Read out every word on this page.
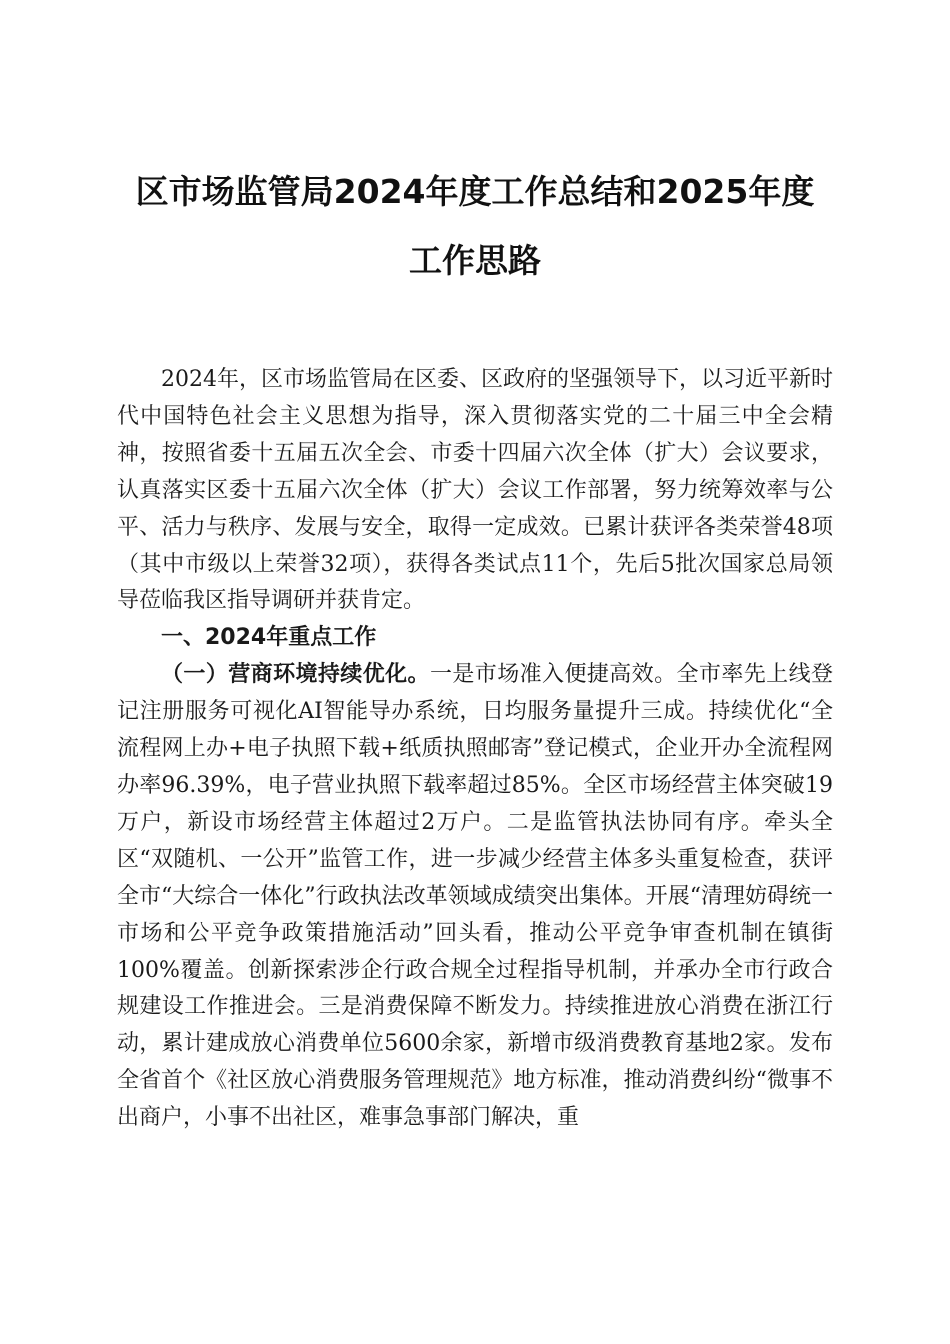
区市场监管局2024年度工作总结和2025年度
工作思路

2024年，区市场监管局在区委、区政府的坚强领导下，以习近平新时代中国特色社会主义思想为指导，深入贯彻落实党的二十届三中全会精神，按照省委十五届五次全会、市委十四届六次全体（扩大）会议要求，认真落实区委十五届六次全体（扩大）会议工作部署，努力统筹效率与公平、活力与秩序、发展与安全，取得一定成效。已累计获评各类荣誉48项（其中市级以上荣誉32项），获得各类试点11个，先后5批次国家总局领导莅临我区指导调研并获肯定。

一、2024年重点工作

（一）营商环境持续优化。一是市场准入便捷高效。全市率先上线登记注册服务可视化AI智能导办系统，日均服务量提升三成。持续优化“全流程网上办+电子执照下载+纸质执照邮寄”登记模式，企业开办全流程网办率96.39%，电子营业执照下载率超过85%。全区市场经营主体突破19万户，新设市场经营主体超过2万户。二是监管执法协同有序。牵头全区“双随机、一公开”监管工作，进一步减少经营主体多头重复检查，获评全市“大综合一体化”行政执法改革领域成绩突出集体。开展“清理妨碍统一市场和公平竞争政策措施活动”回头看，推动公平竞争审查机制在镇街100%覆盖。创新探索涉企行政合规全过程指导机制，并承办全市行政合规建设工作推进会。三是消费保障不断发力。持续推进放心消费在浙江行动，累计建成放心消费单位5600余家，新增市级消费教育基地2家。发布全省首个《社区放心消费服务管理规范》地方标准，推动消费纠纷“微事不出商户，小事不出社区，难事急事部门解决，重
